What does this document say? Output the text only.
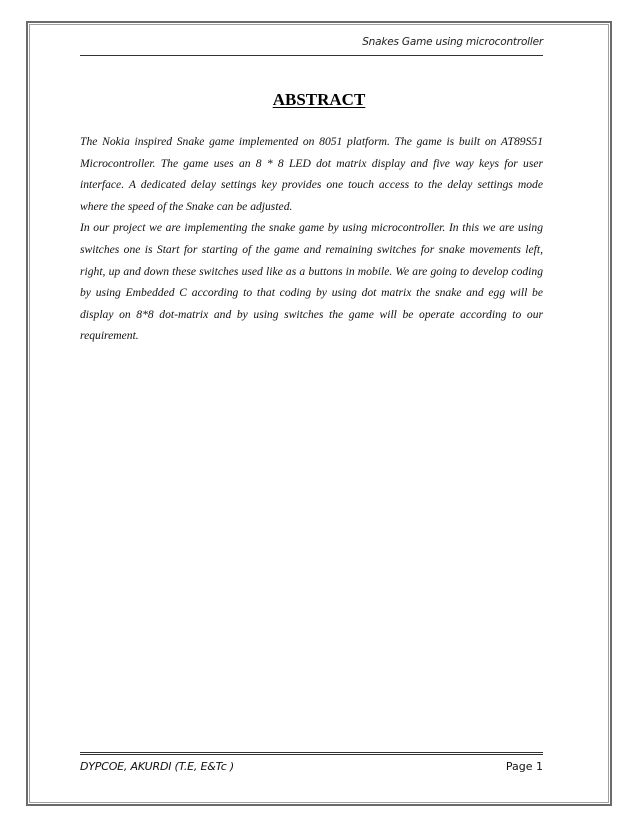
Snakes Game using microcontroller
ABSTRACT

The Nokia inspired Snake game implemented on 8051 platform. The game is built on AT89S51 Microcontroller. The game uses an 8 * 8 LED dot matrix display and five way keys for user interface. A dedicated delay settings key provides one touch access to the delay settings mode where the speed of the Snake can be adjusted.

In our project we are implementing the snake game by using microcontroller. In this we are using switches one is Start for starting of the game and remaining switches for snake movements left, right, up and down these switches used like as a buttons in mobile. We are going to develop coding by using Embedded C according to that coding by using dot matrix the snake and egg will be display on 8*8 dot-matrix and by using switches the game will be operate according to our requirement.

DYPCOE, AKURDI (T.E, E&Tc )	Page 1
